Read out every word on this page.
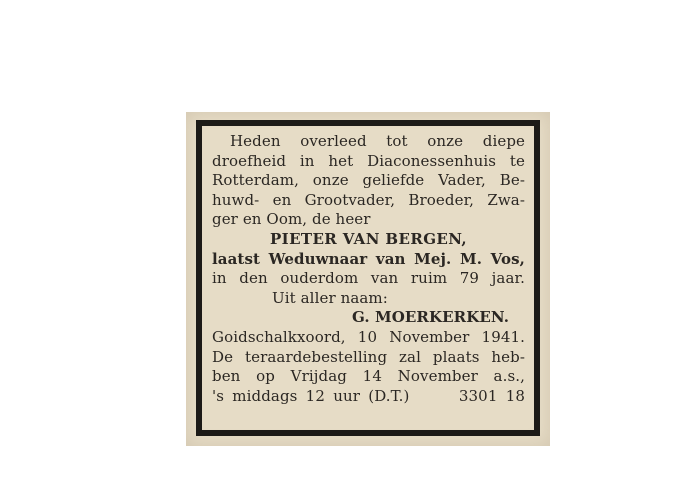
Heden overleed tot onze diepe
droefheid in het Diaconessenhuis te
Rotterdam, onze geliefde Vader, Be-
huwd- en Grootvader, Broeder, Zwa-
ger en Oom, de heer
PIETER VAN BERGEN,
laatst Weduwnaar van Mej. M. Vos,
in den ouderdom van ruim 79 jaar.
Uit aller naam:
G. MOERKERKEN.
Goidschalkxoord, 10 November 1941.
De teraardebestelling zal plaats heb-
ben op Vrijdag 14 November a.s.,
's middags 12 uur (D.T.)      3301 18
